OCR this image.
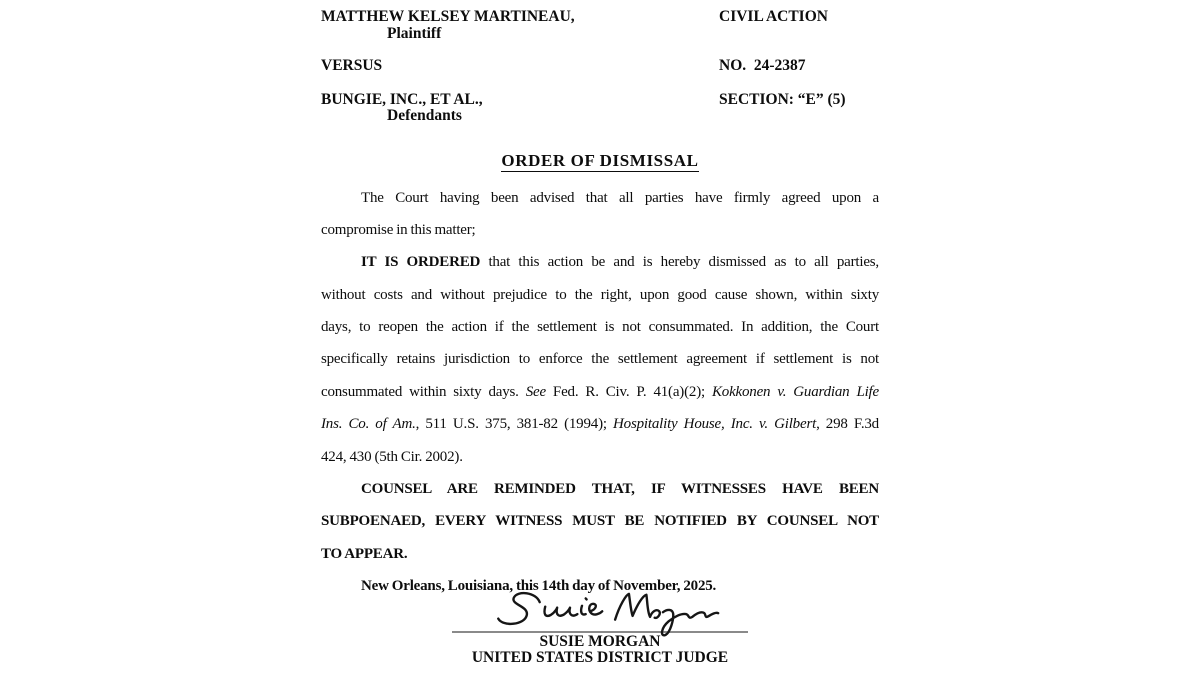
MATTHEW KELSEY MARTINEAU,	CIVIL ACTION
Plaintiff
VERSUS	NO.  24-2387
BUNGIE, INC., ET AL.,	SECTION: “E” (5)
Defendants
ORDER OF DISMISSAL
The Court having been advised that all parties have firmly agreed upon a
compromise in this matter;
IT IS ORDERED that this action be and is hereby dismissed as to all parties,
without costs and without prejudice to the right, upon good cause shown, within sixty
days, to reopen the action if the settlement is not consummated. In addition, the Court
specifically retains jurisdiction to enforce the settlement agreement if settlement is not
consummated within sixty days. See Fed. R. Civ. P. 41(a)(2); Kokkonen v. Guardian Life
Ins. Co. of Am., 511 U.S. 375, 381-82 (1994); Hospitality House, Inc. v. Gilbert, 298 F.3d
424, 430 (5th Cir. 2002).
COUNSEL ARE REMINDED THAT, IF WITNESSES HAVE BEEN
SUBPOENAED, EVERY WITNESS MUST BE NOTIFIED BY COUNSEL NOT
TO APPEAR.
New Orleans, Louisiana, this 14th day of November, 2025.
SUSIE MORGAN
UNITED STATES DISTRICT JUDGE
